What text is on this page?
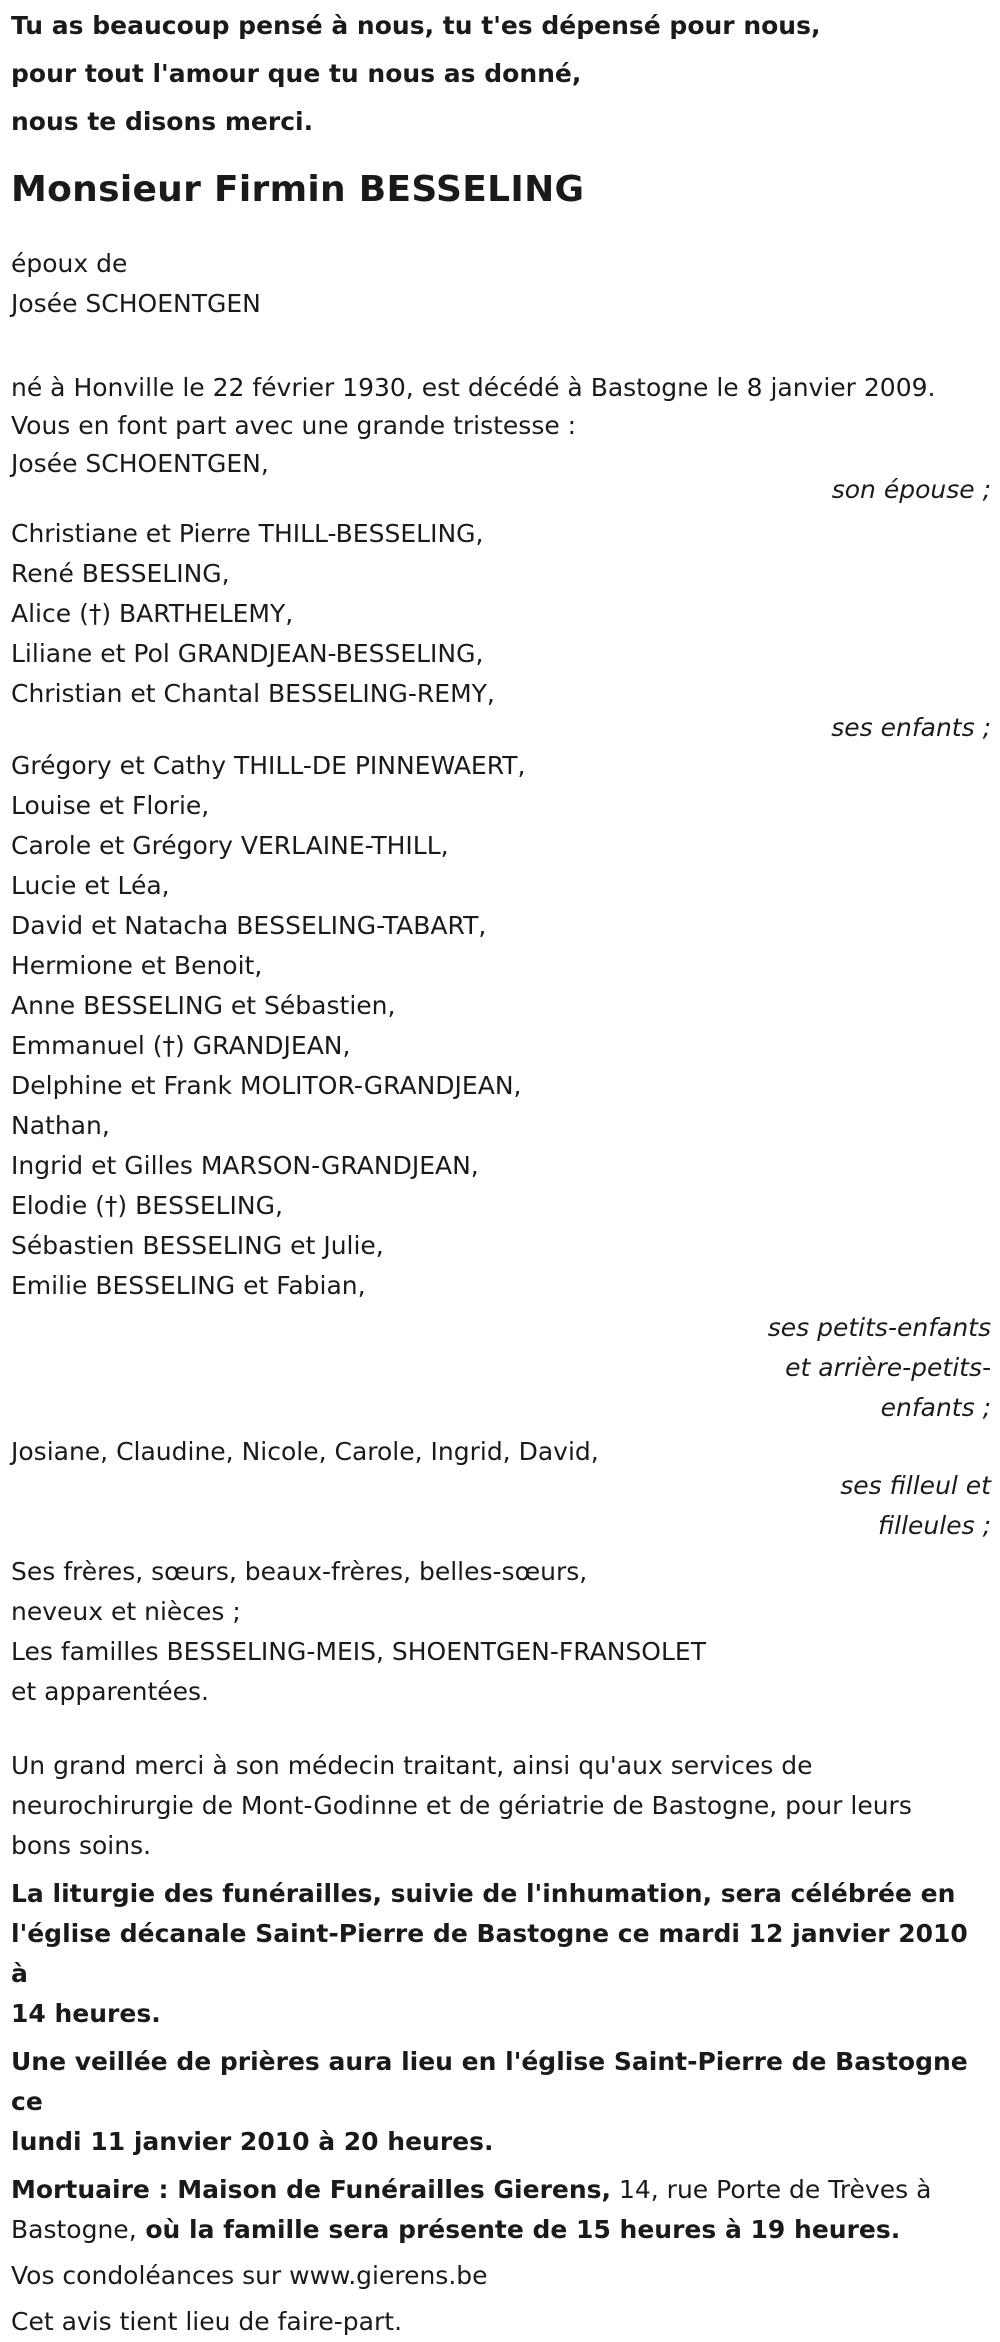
Tu as beaucoup pensé à nous, tu t'es dépensé pour nous,
pour tout l'amour que tu nous as donné,
nous te disons merci.
Monsieur Firmin BESSELING
époux de
Josée SCHOENTGEN
né à Honville le 22 février 1930, est décédé à Bastogne le 8 janvier 2009.
Vous en font part avec une grande tristesse :
Josée SCHOENTGEN,
son épouse ;
Christiane et Pierre THILL-BESSELING,
René BESSELING,
Alice (†) BARTHELEMY,
Liliane et Pol GRANDJEAN-BESSELING,
Christian et Chantal BESSELING-REMY,
ses enfants ;
Grégory et Cathy THILL-DE PINNEWAERT,
Louise et Florie,
Carole et Grégory VERLAINE-THILL,
Lucie et Léa,
David et Natacha BESSELING-TABART,
Hermione et Benoit,
Anne BESSELING et Sébastien,
Emmanuel (†) GRANDJEAN,
Delphine et Frank MOLITOR-GRANDJEAN,
Nathan,
Ingrid et Gilles MARSON-GRANDJEAN,
Elodie (†) BESSELING,
Sébastien BESSELING et Julie,
Emilie BESSELING et Fabian,
ses petits-enfants
et arrière-petits-
enfants ;
Josiane, Claudine, Nicole, Carole, Ingrid, David,
ses filleul et
filleules ;
Ses frères, sœurs, beaux-frères, belles-sœurs,
neveux et nièces ;
Les familles BESSELING-MEIS, SHOENTGEN-FRANSOLET
et apparentées.
Un grand merci à son médecin traitant, ainsi qu'aux services de
neurochirurgie de Mont-Godinne et de gériatrie de Bastogne, pour leurs
bons soins.
La liturgie des funérailles, suivie de l'inhumation, sera célébrée en
l'église décanale Saint-Pierre de Bastogne ce mardi 12 janvier 2010 à
14 heures.
Une veillée de prières aura lieu en l'église Saint-Pierre de Bastogne ce
lundi 11 janvier 2010 à 20 heures.
Mortuaire : Maison de Funérailles Gierens, 14, rue Porte de Trèves à
Bastogne, où la famille sera présente de 15 heures à 19 heures.
Vos condoléances sur www.gierens.be
Cet avis tient lieu de faire-part.
